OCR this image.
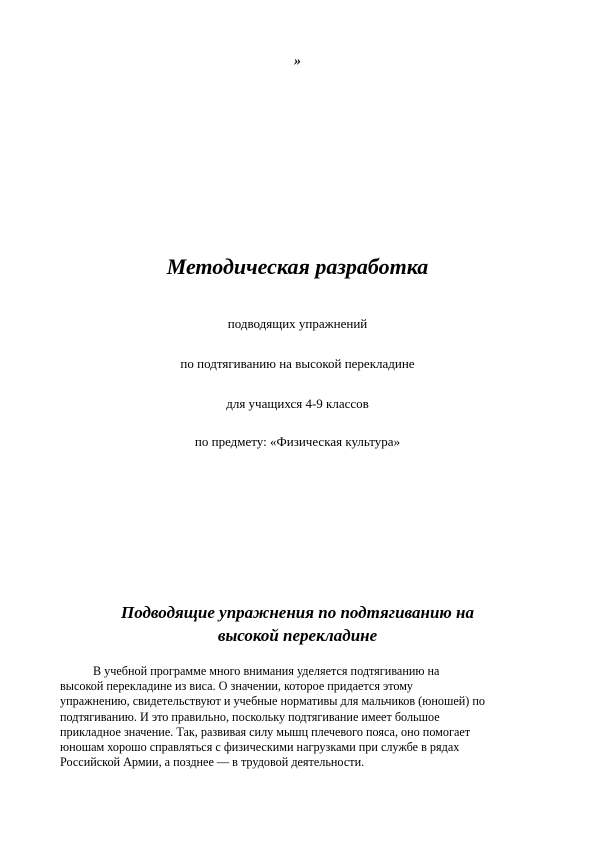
»
Методическая разработка
подводящих упражнений
по подтягиванию на высокой перекладине
для учащихся 4-9 классов
по предмету: «Физическая культура»
Подводящие упражнения по подтягиванию на
высокой перекладине
В учебной программе много внимания уделяется подтягиванию на
высокой перекладине из виса. О значении, которое придается этому
упражнению, свидетельствуют и учебные нормативы для мальчиков (юношей) по
подтягиванию. И это правильно, поскольку подтягивание имеет большое
прикладное значение. Так, развивая силу мышц плечевого пояса, оно помогает
юношам хорошо справляться с физическими нагрузками при службе в рядах
Российской Армии, а позднее — в трудовой деятельности.
